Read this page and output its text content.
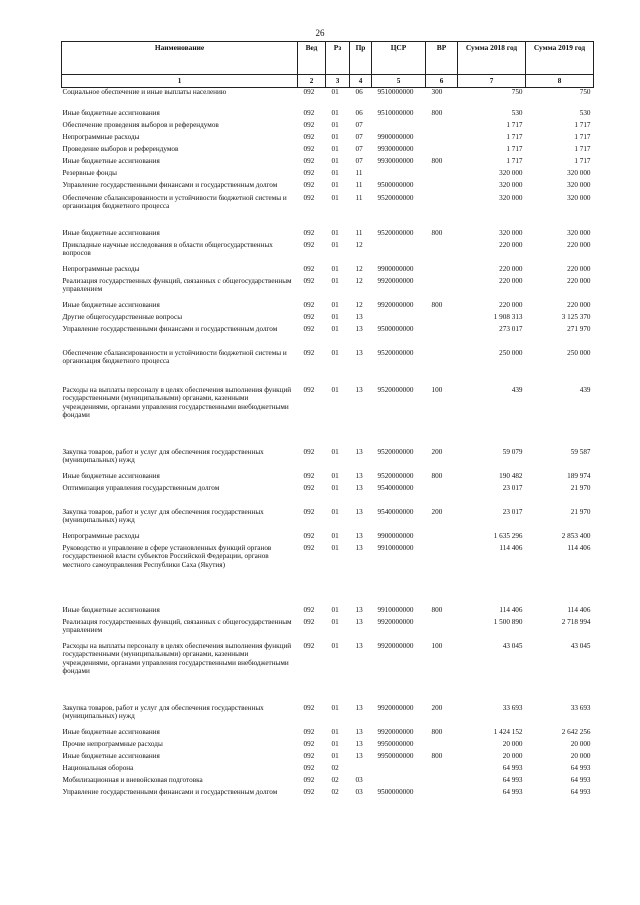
26
Наименование	Вед	Рз	Пр	ЦСР	ВР	Сумма 2018 год	Сумма 2019 год
1	2	3	4	5	6	7	8
Социальное обеспечение и иные выплаты населению	092	01	06	9510000000	300	750	750
Иные бюджетные ассигнования	092	01	06	9510000000	800	530	530
Обеспечение проведения выборов и референдумов	092	01	07			1 717	1 717
Непрограммные расходы	092	01	07	9900000000		1 717	1 717
Проведение выборов и референдумов	092	01	07	9930000000		1 717	1 717
Иные бюджетные ассигнования	092	01	07	9930000000	800	1 717	1 717
Резервные фонды	092	01	11			320 000	320 000
Управление государственными финансами и государственным долгом	092	01	11	9500000000		320 000	320 000
Обеспечение сбалансированности и устойчивости бюджетной системы и организация бюджетного процесса	092	01	11	9520000000		320 000	320 000
Иные бюджетные ассигнования	092	01	11	9520000000	800	320 000	320 000
Прикладные научные исследования в области общегосударственных вопросов	092	01	12			220 000	220 000
Непрограммные расходы	092	01	12	9900000000		220 000	220 000
Реализация государственных функций, связанных с общегосударственным управлением	092	01	12	9920000000		220 000	220 000
Иные бюджетные ассигнования	092	01	12	9920000000	800	220 000	220 000
Другие общегосударственные вопросы	092	01	13			1 908 313	3 125 370
Управление государственными финансами и государственным долгом	092	01	13	9500000000		273 017	271 970
Обеспечение сбалансированности и устойчивости бюджетной системы и организация бюджетного процесса	092	01	13	9520000000		250 000	250 000
Расходы на выплаты персоналу в целях обеспечения выполнения функций государственными (муниципальными) органами, казенными учреждениями, органами управления государственными внебюджетными фондами	092	01	13	9520000000	100	439	439
Закупка товаров, работ и услуг для обеспечения государственных (муниципальных) нужд	092	01	13	9520000000	200	59 079	59 587
Иные бюджетные ассигнования	092	01	13	9520000000	800	190 482	189 974
Оптимизация управления государственным долгом	092	01	13	9540000000		23 017	21 970
Закупка товаров, работ и услуг для обеспечения государственных (муниципальных) нужд	092	01	13	9540000000	200	23 017	21 970
Непрограммные расходы	092	01	13	9900000000		1 635 296	2 853 400
Руководство и управление в сфере установленных функций органов государственной власти субъектов Российской Федерации, органов местного самоуправления Республики Саха (Якутия)	092	01	13	9910000000		114 406	114 406
Иные бюджетные ассигнования	092	01	13	9910000000	800	114 406	114 406
Реализация государственных функций, связанных с общегосударственным управлением	092	01	13	9920000000		1 500 890	2 718 994
Расходы на выплаты персоналу в целях обеспечения выполнения функций государственными (муниципальными) органами, казенными учреждениями, органами управления государственными внебюджетными фондами	092	01	13	9920000000	100	43 045	43 045
Закупка товаров, работ и услуг для обеспечения государственных (муниципальных) нужд	092	01	13	9920000000	200	33 693	33 693
Иные бюджетные ассигнования	092	01	13	9920000000	800	1 424 152	2 642 256
Прочие непрограммные расходы	092	01	13	9950000000		20 000	20 000
Иные бюджетные ассигнования	092	01	13	9950000000	800	20 000	20 000
Национальная оборона	092	02				64 993	64 993
Мобилизационная и вневойсковая подготовка	092	02	03			64 993	64 993
Управление государственными финансами и государственным долгом	092	02	03	9500000000		64 993	64 993
